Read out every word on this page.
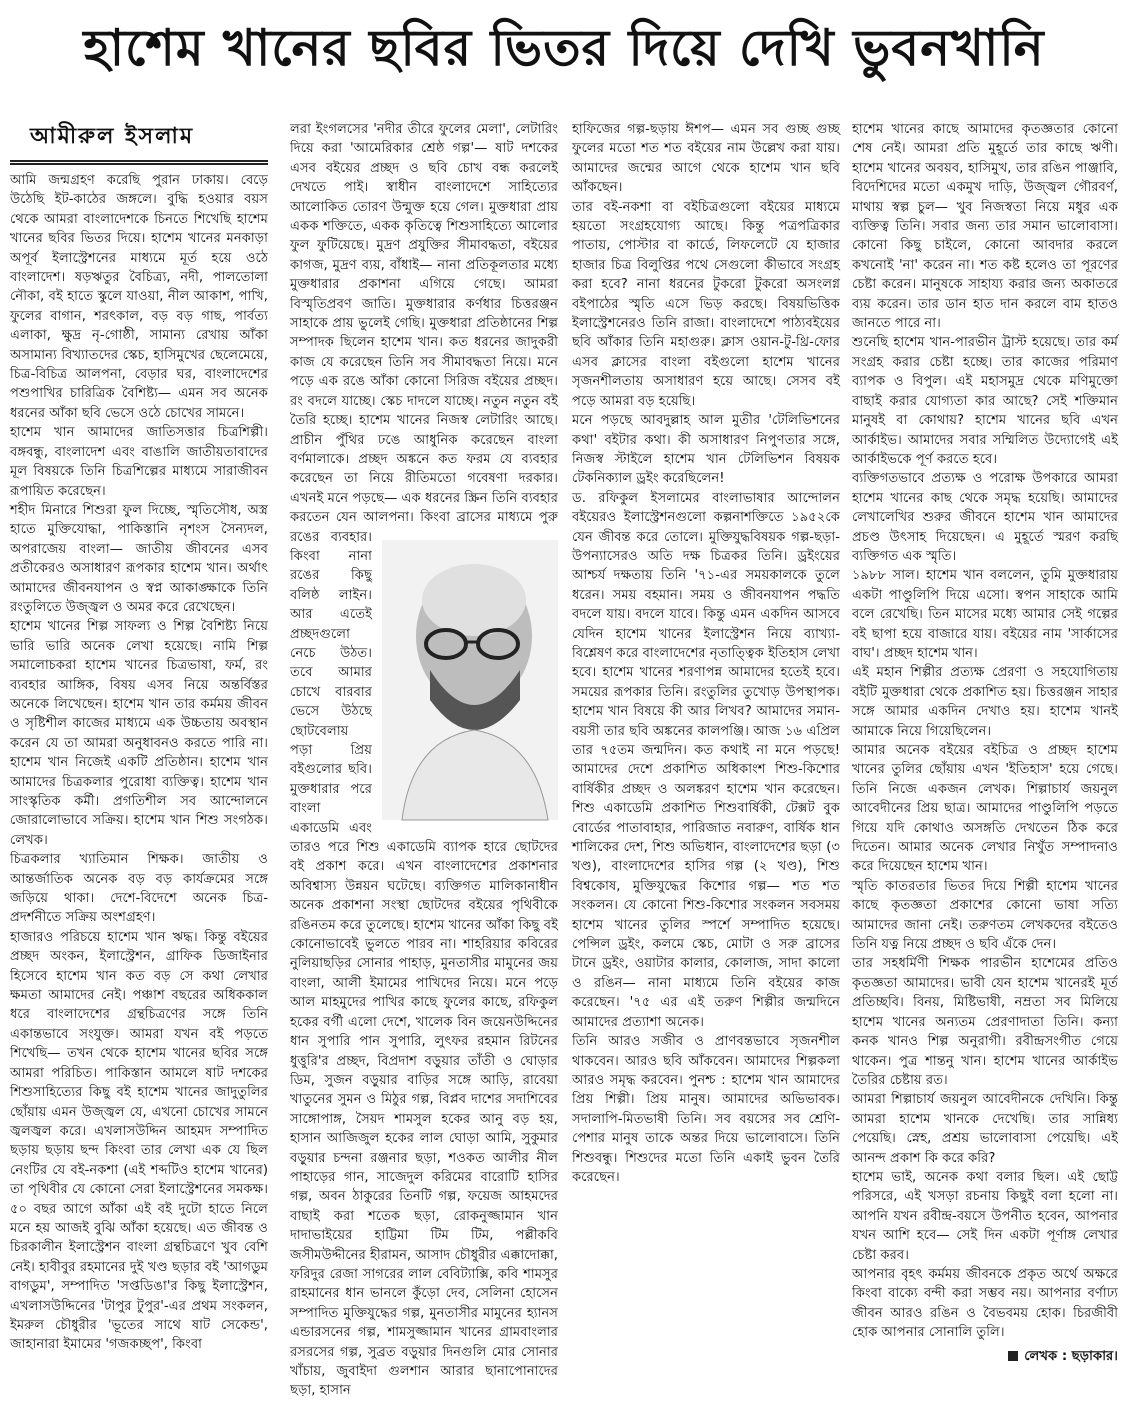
হাশেম খানের ছবির ভিতর দিয়ে দেখি ভুবনখানি
আমীরুল ইসলাম

আমি জন্মগ্রহণ করেছি পুরান ঢাকায়। বেড়ে উঠেছি ইট-কাঠের জঙ্গলে। বুদ্ধি হওয়ার বয়স থেকে আমরা বাংলাদেশকে চিনতে শিখেছি হাশেম খানের ছবির ভিতর দিয়ে। হাশেম খানের মনকাড়া অপূর্ব ইলাস্ট্রেশনের মাধ্যমে মূর্ত হয়ে ওঠে বাংলাদেশ। ষড়ঋতুর বৈচিত্র্য, নদী, পালতোলা নৌকা, বই হাতে স্কুলে যাওয়া, নীল আকাশ, পাখি, ফুলের বাগান, শরৎকাল, বড় বড় গাছ, পার্বত্য এলাকা, ক্ষুদ্র নৃ-গোষ্ঠী, সামান্য রেখায় আঁকা অসামান্য বিখ্যাতদের স্কেচ, হাসিমুখের ছেলেমেয়ে, চিত্র-বিচিত্র আলপনা, বেড়ার ঘর, বাংলাদেশের পশুপাখির চারিত্রিক বৈশিষ্ট্য— এমন সব অনেক ধরনের আঁকা ছবি ভেসে ওঠে চোখের সামনে।

হাশেম খান আমাদের জাতিসত্তার চিত্রশিল্পী। বঙ্গবন্ধু, বাংলাদেশ এবং বাঙালি জাতীয়তাবাদের মূল বিষয়কে তিনি চিত্রশিল্পের মাধ্যমে সারাজীবন রূপায়িত করেছেন।

শহীদ মিনারে শিশুরা ফুল দিচ্ছে, স্মৃতিসৌধ, অস্ত্র হাতে মুক্তিযোদ্ধা, পাকিস্তানি নৃশংস সৈন্যদল, অপরাজেয় বাংলা— জাতীয় জীবনের এসব প্রতীকেরও অসাধারণ রূপকার হাশেম খান। অর্থাৎ আমাদের জীবনযাপন ও স্বপ্ন আকাঙ্ক্ষাকে তিনি রংতুলিতে উজ্জ্বল ও অমর করে রেখেছেন।

হাশেম খানের শিল্প সাফল্য ও শিল্প বৈশিষ্ট্য নিয়ে ভারি ভারি অনেক লেখা হয়েছে। নামি শিল্প সমালোচকরা হাশেম খানের চিত্রভাষা, ফর্ম, রং ব্যবহার আঙ্গিক, বিষয় এসব নিয়ে অন্তর্বিস্তর অনেকে লিখেছেন। হাশেম খান তার কর্মময় জীবন ও সৃষ্টিশীল কাজের মাধ্যমে এক উচ্চতায় অবস্থান করেন যে তা আমরা অনুধাবনও করতে পারি না। হাশেম খান নিজেই একটি প্রতিষ্ঠান। হাশেম খান আমাদের চিত্রকলার পুরোধা ব্যক্তিত্ব। হাশেম খান সাংস্কৃতিক কর্মী। প্রগতিশীল সব আন্দোলনে জোরালোভাবে সক্রিয়। হাশেম খান শিশু সংগঠক। লেখক।

চিত্রকলার খ্যাতিমান শিক্ষক। জাতীয় ও আন্তর্জাতিক অনেক বড় বড় কার্যক্রমের সঙ্গে জড়িয়ে থাকা। দেশে-বিদেশে অনেক চিত্র-প্রদর্শনীতে সক্রিয় অংশগ্রহণ।

হাজারও পরিচয়ে হাশেম খান ঋদ্ধ। কিন্তু বইয়ের প্রচ্ছদ অংকন, ইলাস্ট্রেশন, গ্রাফিক ডিজাইনার হিসেবে হাশেম খান কত বড় সে কথা লেখার ক্ষমতা আমাদের নেই। পঞ্চাশ বছরের অধিককাল ধরে বাংলাদেশের গ্রন্থচিত্রণের সঙ্গে তিনি একান্তভাবে সংযুক্ত। আমরা যখন বই পড়তে শিখেছি— তখন থেকে হাশেম খানের ছবির সঙ্গে আমরা পরিচিত। পাকিস্তান আমলে ষাট দশকের শিশুসাহিত্যের কিছু বই হাশেম খানের জাদুতুলির ছোঁয়ায় এমন উজ্জ্বল যে, এখনো চোখের সামনে জ্বলজ্বল করে। এখলাসউদ্দিন আহমদ সম্পাদিত ছড়ায় ছড়ায় ছন্দ কিংবা তার লেখা এক যে ছিল নেংটির যে বই-নকশা (এই শব্দটিও হাশেম খানের) তা পৃথিবীর যে কোনো সেরা ইলাস্ট্রেশনের সমকক্ষ। ৫০ বছর আগে আঁকা এই বই দুটো হাতে নিলে মনে হয় আজই বুঝি আঁকা হয়েছে। এত জীবন্ত ও চিরকালীন ইলাস্ট্রেশন বাংলা গ্রন্থচিত্রণে খুব বেশি নেই। হাবীবুর রহমানের দুই খণ্ড ছড়ার বই 'আগডুম বাগডুম', সম্পাদিত 'সপ্তডিঙা'র কিছু ইলাস্ট্রেশন, এখলাসউদ্দিনের 'টাপুর টুপুর'-এর প্রথম সংকলন, ইমরুল চৌধুরীর 'ভূতের সাথে ষাট সেকেন্ড', জাহানারা ইমামের 'গজকচ্ছপ', কিংবা

লরা ইংগলসের 'নদীর তীরে ফুলের মেলা', লেটারিং দিয়ে করা 'আমেরিকার শ্রেষ্ঠ গল্প'— ষাট দশকের এসব বইয়ের প্রচ্ছদ ও ছবি চোখ বন্ধ করলেই দেখতে পাই। স্বাধীন বাংলাদেশে সাহিত্যের আলোকিত তোরণ উন্মুক্ত হয়ে গেল। মুক্তধারা প্রায় একক শক্তিতে, একক কৃতিত্বে শিশুসাহিত্যে আলোর ফুল ফুটিয়েছে। মুদ্রণ প্রযুক্তির সীমাবদ্ধতা, বইয়ের কাগজ, মুদ্রণ ব্যয়, বাঁধাই— নানা প্রতিকূলতার মধ্যে মুক্তধারার প্রকাশনা এগিয়ে গেছে। আমরা বিস্মৃতিপ্রবণ জাতি। মুক্তধারার কর্ণধার চিত্তরঞ্জন সাহাকে প্রায় ভুলেই গেছি। মুক্তধারা প্রতিষ্ঠানের শিল্প সম্পাদক ছিলেন হাশেম খান। কত ধরনের জাদুকরী কাজ যে করেছেন তিনি সব সীমাবদ্ধতা নিয়ে। মনে পড়ে এক রঙে আঁকা কোনো সিরিজ বইয়ের প্রচ্ছদ। রং বদলে যাচ্ছে। স্কেচ দাদলে যাচ্ছে। নতুন নতুন বই তৈরি হচ্ছে। হাশেম খানের নিজস্ব লেটারিং আছে। প্রাচীন পুঁথির ঢঙে আধুনিক করেছেন বাংলা বর্ণমালাকে। প্রচ্ছদ অঙ্কনে কত ফরম যে ব্যবহার করেছেন তা নিয়ে রীতিমতো গবেষণা দরকার। এখনই মনে পড়ছে— এক ধরনের স্ক্রিন তিনি ব্যবহার করতেন যেন আলপনা। কিংবা ব্রাসের মাধ্যমে পুরু রঙের ব্যবহার। কিংবা নানা রঙের কিছু বলিষ্ঠ লাইন। আর এতেই প্রচ্ছদগুলো নেচে উঠত। তবে আমার চোখে বারবার ভেসে উঠছে ছোটবেলায় পড়া প্রিয় বইগুলোর ছবি। মুক্তধারার পরে বাংলা একাডেমি এবং তারও পরে শিশু একাডেমি ব্যাপক হারে ছোটদের বই প্রকাশ করে। এখন বাংলাদেশের প্রকাশনার অবিশ্বাস্য উন্নয়ন ঘটেছে। ব্যক্তিগত মালিকানাধীন অনেক প্রকাশনা সংস্থা ছোটদের বইয়ের পৃথিবীকে রঙিনতম করে তুলেছে। হাশেম খানের আঁকা কিছু বই কোনোভাবেই ভুলতে পারব না। শাহরিয়ার কবিরের নুলিয়াছড়ির সোনার পাহাড়, মুনতাসীর মামুনের জয় বাংলা, আলী ইমামের পাখিদের নিয়ে। মনে পড়ে আল মাহমুদের পাখির কাছে ফুলের কাছে, রফিকুল হকের বর্গী এলো দেশে, খালেক বিন জয়েনউদ্দিনের ধান সুপারি পান সুপারি, লুৎফর রহমান রিটনের ধুত্তুরি'র প্রচ্ছদ, বিপ্রদাশ বড়ুয়ার তাঁতী ও ঘোড়ার ডিম, সুজন বড়ুয়ার বাড়ির সঙ্গে আড়ি, রাবেয়া খাতুনের সুমন ও মিঠুর গল্প, বিপ্লব দাশের সদাশিবের সাঙ্গোপাঙ্গ, সৈয়দ শামসুল হকের আনু বড় হয়, হাসান আজিজুল হকের লাল ঘোড়া আমি, সুকুমার বড়ুয়ার চন্দনা রঞ্জনার ছড়া, শওকত আলীর নীল পাহাড়ের গান, সাজেদুল করিমের বারোটি হাসির গল্প, অবন ঠাকুরের তিনটি গল্প, ফয়েজ আহমদের বাছাই করা শতেক ছড়া, রোকনুজ্জামান খান দাদাভাইয়ের হাট্টিমা টিম টিম, পল্লীকবি জসীমউদ্দীনের হীরামন, আসাদ চৌধুরীর এক্কাদোক্কা, ফরিদুর রেজা সাগরের লাল বেবিট্যাক্সি, কবি শামসুর রাহমানের ধান ভানলে কুঁড়ো দেব, সেলিনা হোসেন সম্পাদিত মুক্তিযুদ্ধের গল্প, মুনতাসীর মামুনের হ্যানস এন্ডারসনের গল্প, শামসুজ্জামান খানের গ্রামবাংলার রসরসের গল্প, সুব্রত বড়ুয়ার দিনগুলি মোর সোনার খাঁচায়, জুবাইদা গুলশান আরার ছানাপোনাদের ছড়া, হাসান

হাফিজের গল্প-ছড়ায় ঈশপ— এমন সব গুচ্ছ গুচ্ছ ফুলের মতো শত শত বইয়ের নাম উল্লেখ করা যায়। আমাদের জন্মের আগে থেকে হাশেম খান ছবি আঁকছেন।

তার বই-নকশা বা বইচিত্রগুলো বইয়ের মাধ্যমে হয়তো সংগ্রহযোগ্য আছে। কিন্তু পত্রপত্রিকার পাতায়, পোস্টার বা কার্ডে, লিফলেটে যে হাজার হাজার চিত্র বিলুপ্তির পথে সেগুলো কীভাবে সংগ্রহ করা হবে? নানা ধরনের টুকরো টুকরো অসংলগ্ন বইপাঠের স্মৃতি এসে ভিড় করছে। বিষয়ভিত্তিক ইলাস্ট্রেশনেরও তিনি রাজা। বাংলাদেশে পাঠ্যবইয়ের ছবি আঁকার তিনি মহাগুরু। ক্লাস ওয়ান-টু-থ্রি-ফোর এসব ক্লাসের বাংলা বইগুলো হাশেম খানের সৃজনশীলতায় অসাধারণ হয়ে আছে। সেসব বই পড়ে আমরা বড় হয়েছি।

মনে পড়ছে আবদুল্লাহ আল মুতীর 'টেলিভিশনের কথা' বইটার কথা। কী অসাধারণ নিপুণতার সঙ্গে, নিজস্ব স্টাইলে হাশেম খান টেলিভিশন বিষয়ক টেকনিক্যাল ড্রইং করেছিলেন!

ড. রফিকুল ইসলামের বাংলাভাষার আন্দোলন বইয়েরও ইলাস্ট্রেশনগুলো কল্পনাশক্তিতে ১৯৫২কে যেন জীবন্ত করে তোলে। মুক্তিযুদ্ধবিষয়ক গল্প-ছড়া-উপন্যাসেরও অতি দক্ষ চিত্রকর তিনি। ড্রইংয়ের আশ্চর্য দক্ষতায় তিনি '৭১-এর সময়কালকে তুলে ধরেন। সময় বহমান। সময় ও জীবনযাপন পদ্ধতি বদলে যায়। বদলে যাবে। কিন্তু এমন একদিন আসবে যেদিন হাশেম খানের ইলাস্ট্রেশন নিয়ে ব্যাখ্যা-বিশ্লেষণ করে বাংলাদেশের নৃতাত্ত্বিক ইতিহাস লেখা হবে। হাশেম খানের শরণাপন্ন আমাদের হতেই হবে। সময়ের রূপকার তিনি। রংতুলির তুখোড় উপস্থাপক। হাশেম খান বিষয়ে কী আর লিখব? আমাদের সমান-বয়সী তার ছবি অঙ্কনের কালপঞ্জি। আজ ১৬ এপ্রিল তার ৭৫তম জন্মদিন। কত কথাই না মনে পড়ছে! আমাদের দেশে প্রকাশিত অধিকাংশ শিশু-কিশোর বার্ষিকীর প্রচ্ছদ ও অলঙ্করণ হাশেম খান করেছেন। শিশু একাডেমি প্রকাশিত শিশুবার্ষিকী, টেক্সট বুক বোর্ডের পাতাবাহার, পারিজাত নবারুণ, বার্ষিক ধান শালিকের দেশ, শিশু অভিধান, বাংলাদেশের ছড়া (৩ খণ্ড), বাংলাদেশের হাসির গল্প (২ খণ্ড), শিশু বিশ্বকোষ, মুক্তিযুদ্ধের কিশোর গল্প— শত শত সংকলন। যে কোনো শিশু-কিশোর সংকলন সবসময় হাশেম খানের তুলির স্পর্শে সম্পাদিত হয়েছে। পেন্সিল ড্রইং, কলমে স্কেচ, মোটা ও সরু ব্রাসের টানে ড্রইং, ওয়াটার কালার, কোলাজ, সাদা কালো ও রঙিন— নানা মাধ্যমে তিনি বইয়ের কাজ করেছেন। '৭৫ এর এই তরুণ শিল্পীর জন্মদিনে আমাদের প্রত্যাশা অনেক।

তিনি আরও সজীব ও প্রাণবন্তভাবে সৃজনশীল থাকবেন। আরও ছবি আঁকবেন। আমাদের শিল্পকলা আরও সমৃদ্ধ করবেন। পুনশ্চ : হাশেম খান আমাদের প্রিয় শিল্পী। প্রিয় মানুষ। আমাদের অভিভাবক। সদালাপি-মিতভাষী তিনি। সব বয়সের সব শ্রেণি-পেশার মানুষ তাকে অন্তর দিয়ে ভালোবাসে। তিনি শিশুবন্ধু। শিশুদের মতো তিনি একাই ভুবন তৈরি করেছেন।

হাশেম খানের কাছে আমাদের কৃতজ্ঞতার কোনো শেষ নেই। আমরা প্রতি মুহূর্তে তার কাছে ঋণী। হাশেম খানের অবয়ব, হাসিমুখ, তার রঙিন পাঞ্জাবি, বিদেশিদের মতো একমুখ দাড়ি, উজ্জ্বল গৌরবর্ণ, মাথায় স্বল্প চুল— খুব নিজস্বতা নিয়ে মধুর এক ব্যক্তিত্ব তিনি। সবার জন্য তার সমান ভালোবাসা। কোনো কিছু চাইলে, কোনো আবদার করলে কখনোই 'না' করেন না। শত কষ্ট হলেও তা পূরণের চেষ্টা করেন। মানুষকে সাহায্য করার জন্য অকাতরে ব্যয় করেন। তার ডান হাত দান করলে বাম হাতও জানতে পারে না।

শুনেছি হাশেম খান-পারভীন ট্রাস্ট হয়েছে। তার কর্ম সংগ্রহ করার চেষ্টা হচ্ছে। তার কাজের পরিমাণ ব্যাপক ও বিপুল। এই মহাসমুদ্র থেকে মণিমুক্তো বাছাই করার যোগ্যতা কার আছে? সেই শক্তিমান মানুষই বা কোথায়? হাশেম খানের ছবি এখন আর্কাইভ। আমাদের সবার সম্মিলিত উদ্যোগেই এই আর্কাইভকে পূর্ণ করতে হবে।

ব্যক্তিগতভাবে প্রত্যক্ষ ও পরোক্ষ উপকারে আমরা হাশেম খানের কাছ থেকে সমৃদ্ধ হয়েছি। আমাদের লেখালেখির শুরুর জীবনে হাশেম খান আমাদের প্রচণ্ড উৎসাহ দিয়েছেন। এ মুহূর্তে স্মরণ করছি ব্যক্তিগত এক স্মৃতি।

১৯৮৮ সাল। হাশেম খান বললেন, তুমি মুক্তধারায় একটা পাণ্ডুলিপি দিয়ে এসো। স্বপন সাহাকে আমি বলে রেখেছি। তিন মাসের মধ্যে আমার সেই গল্পের বই ছাপা হয়ে বাজারে যায়। বইয়ের নাম 'সার্কাসের বাঘ'। প্রচ্ছদ হাশেম খান।

এই মহান শিল্পীর প্রত্যক্ষ প্রেরণা ও সহযোগিতায় বইটি মুক্তধারা থেকে প্রকাশিত হয়। চিত্তরঞ্জন সাহার সঙ্গে আমার একদিন দেখাও হয়। হাশেম খানই আমাকে নিয়ে গিয়েছিলেন।

আমার অনেক বইয়ের বইচিত্র ও প্রচ্ছদ হাশেম খানের তুলির ছোঁয়ায় এখন 'ইতিহাস' হয়ে গেছে। তিনি নিজে একজন লেখক। শিল্পাচার্য জয়নুল আবেদীনের প্রিয় ছাত্র। আমাদের পাণ্ডুলিপি পড়তে গিয়ে যদি কোথাও অসঙ্গতি দেখতেন ঠিক করে দিতেন। আমার অনেক লেখার নিখুঁত সম্পাদনাও করে দিয়েছেন হাশেম খান।

স্মৃতি কাতরতার ভিতর দিয়ে শিল্পী হাশেম খানের কাছে কৃতজ্ঞতা প্রকাশের কোনো ভাষা সত্যি আমাদের জানা নেই। তরুণতম লেখকদের বইতেও তিনি যত্ন নিয়ে প্রচ্ছদ ও ছবি এঁকে দেন।

তার সহধর্মিণী শিক্ষক পারভীন হাশেমের প্রতিও কৃতজ্ঞতা আমাদের। ভাবী যেন হাশেম খানেরই মূর্ত প্রতিচ্ছবি। বিনয়, মিষ্টিভাষী, নম্রতা সব মিলিয়ে হাশেম খানের অন্যতম প্রেরণাদাতা তিনি। কন্যা কনক খানও শিল্প অনুরাগী। রবীন্দ্রসংগীত গেয়ে থাকেন। পুত্র শান্তনু খান। হাশেম খানের আর্কাইভ তৈরির চেষ্টায় রত।

আমরা শিল্পাচার্য জয়নুল আবেদীনকে দেখিনি। কিন্তু আমরা হাশেম খানকে দেখেছি। তার সান্নিধ্য পেয়েছি। স্নেহ, প্রশ্রয় ভালোবাসা পেয়েছি। এই আনন্দ প্রকাশ কি করে করি?

হাশেম ভাই, অনেক কথা বলার ছিল। এই ছোট্ট পরিসরে, এই খসড়া রচনায় কিছুই বলা হলো না। আপনি যখন রবীন্দ্র-বয়সে উপনীত হবেন, আপনার যখন আশি হবে— সেই দিন একটা পূর্ণাঙ্গ লেখার চেষ্টা করব।

আপনার বৃহৎ কর্মময় জীবনকে প্রকৃত অর্থে অক্ষরে কিংবা বাক্যে বন্দী করা সম্ভব নয়। আপনার বর্ণাঢ্য জীবন আরও রঙিন ও বৈভবময় হোক। চিরজীবী হোক আপনার সোনালি তুলি।

লেখক : ছড়াকার।
